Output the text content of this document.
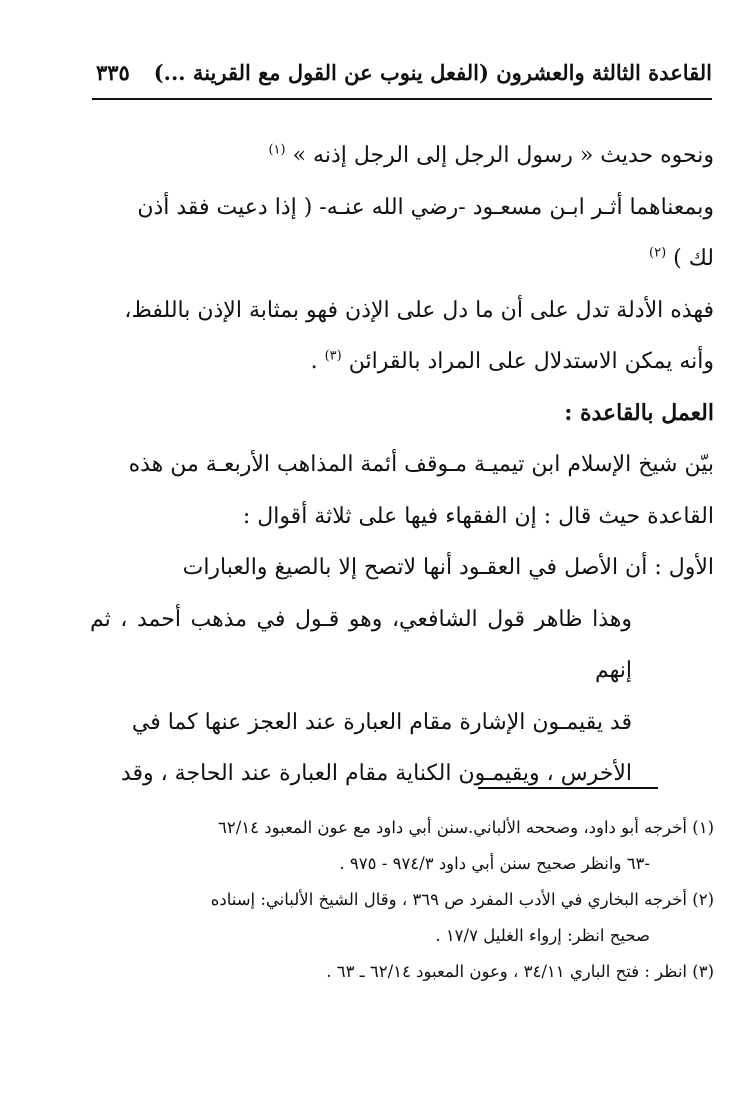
القاعدة الثالثة والعشرون (الفعل ينوب عن القول مع القرينة ...)
٣٣٥

ونحوه حديث « رسول الرجل إلى الرجل إذنه » $^{(١)}$

وبمعناهما أثـر ابـن مسعـود -رضي الله عنـه- ( إذا دعيت فقد أذن

لك ) $^{(٢)}$

فهذه الأدلة تدل على أن ما دل على الإذن فهو بمثابة الإذن باللفظ،

وأنه يمكن الاستدلال على المراد بالقرائن $^{(٣)}$ .

العمل بالقاعدة :

بيّن شيخ الإسلام ابن تيميـة مـوقف أئمة المذاهب الأربعـة من هذه

القاعدة حيث قال : إن الفقهاء فيها على ثلاثة أقوال :

الأول : أن الأصل في العقـود أنها لاتصح إلا بالصيغ والعبارات

وهذا ظاهر قول الشافعي، وهو قـول في مذهب أحمد ، ثم إنهم

قد يقيمـون الإشارة مقام العبارة عند العجز عنها كما في

الأخرس ، ويقيمـون الكناية مقام العبارة عند الحاجة ، وقد

(١) أخرجه أبو داود، وصححه الألباني.سنن أبي داود مع عون المعبود ٦٢/١٤

-٦٣ وانظر صحيح سنن أبي داود ٩٧٤/٣ - ٩٧٥ .

(٢) أخرجه البخاري في الأدب المفرد ص ٣٦٩ ، وقال الشيخ الألباني: إسناده

صحيح انظر: إرواء الغليل ١٧/٧ .

(٣) انظر : فتح الباري ٣٤/١١ ، وعون المعبود ٦٢/١٤ ـ ٦٣ .
